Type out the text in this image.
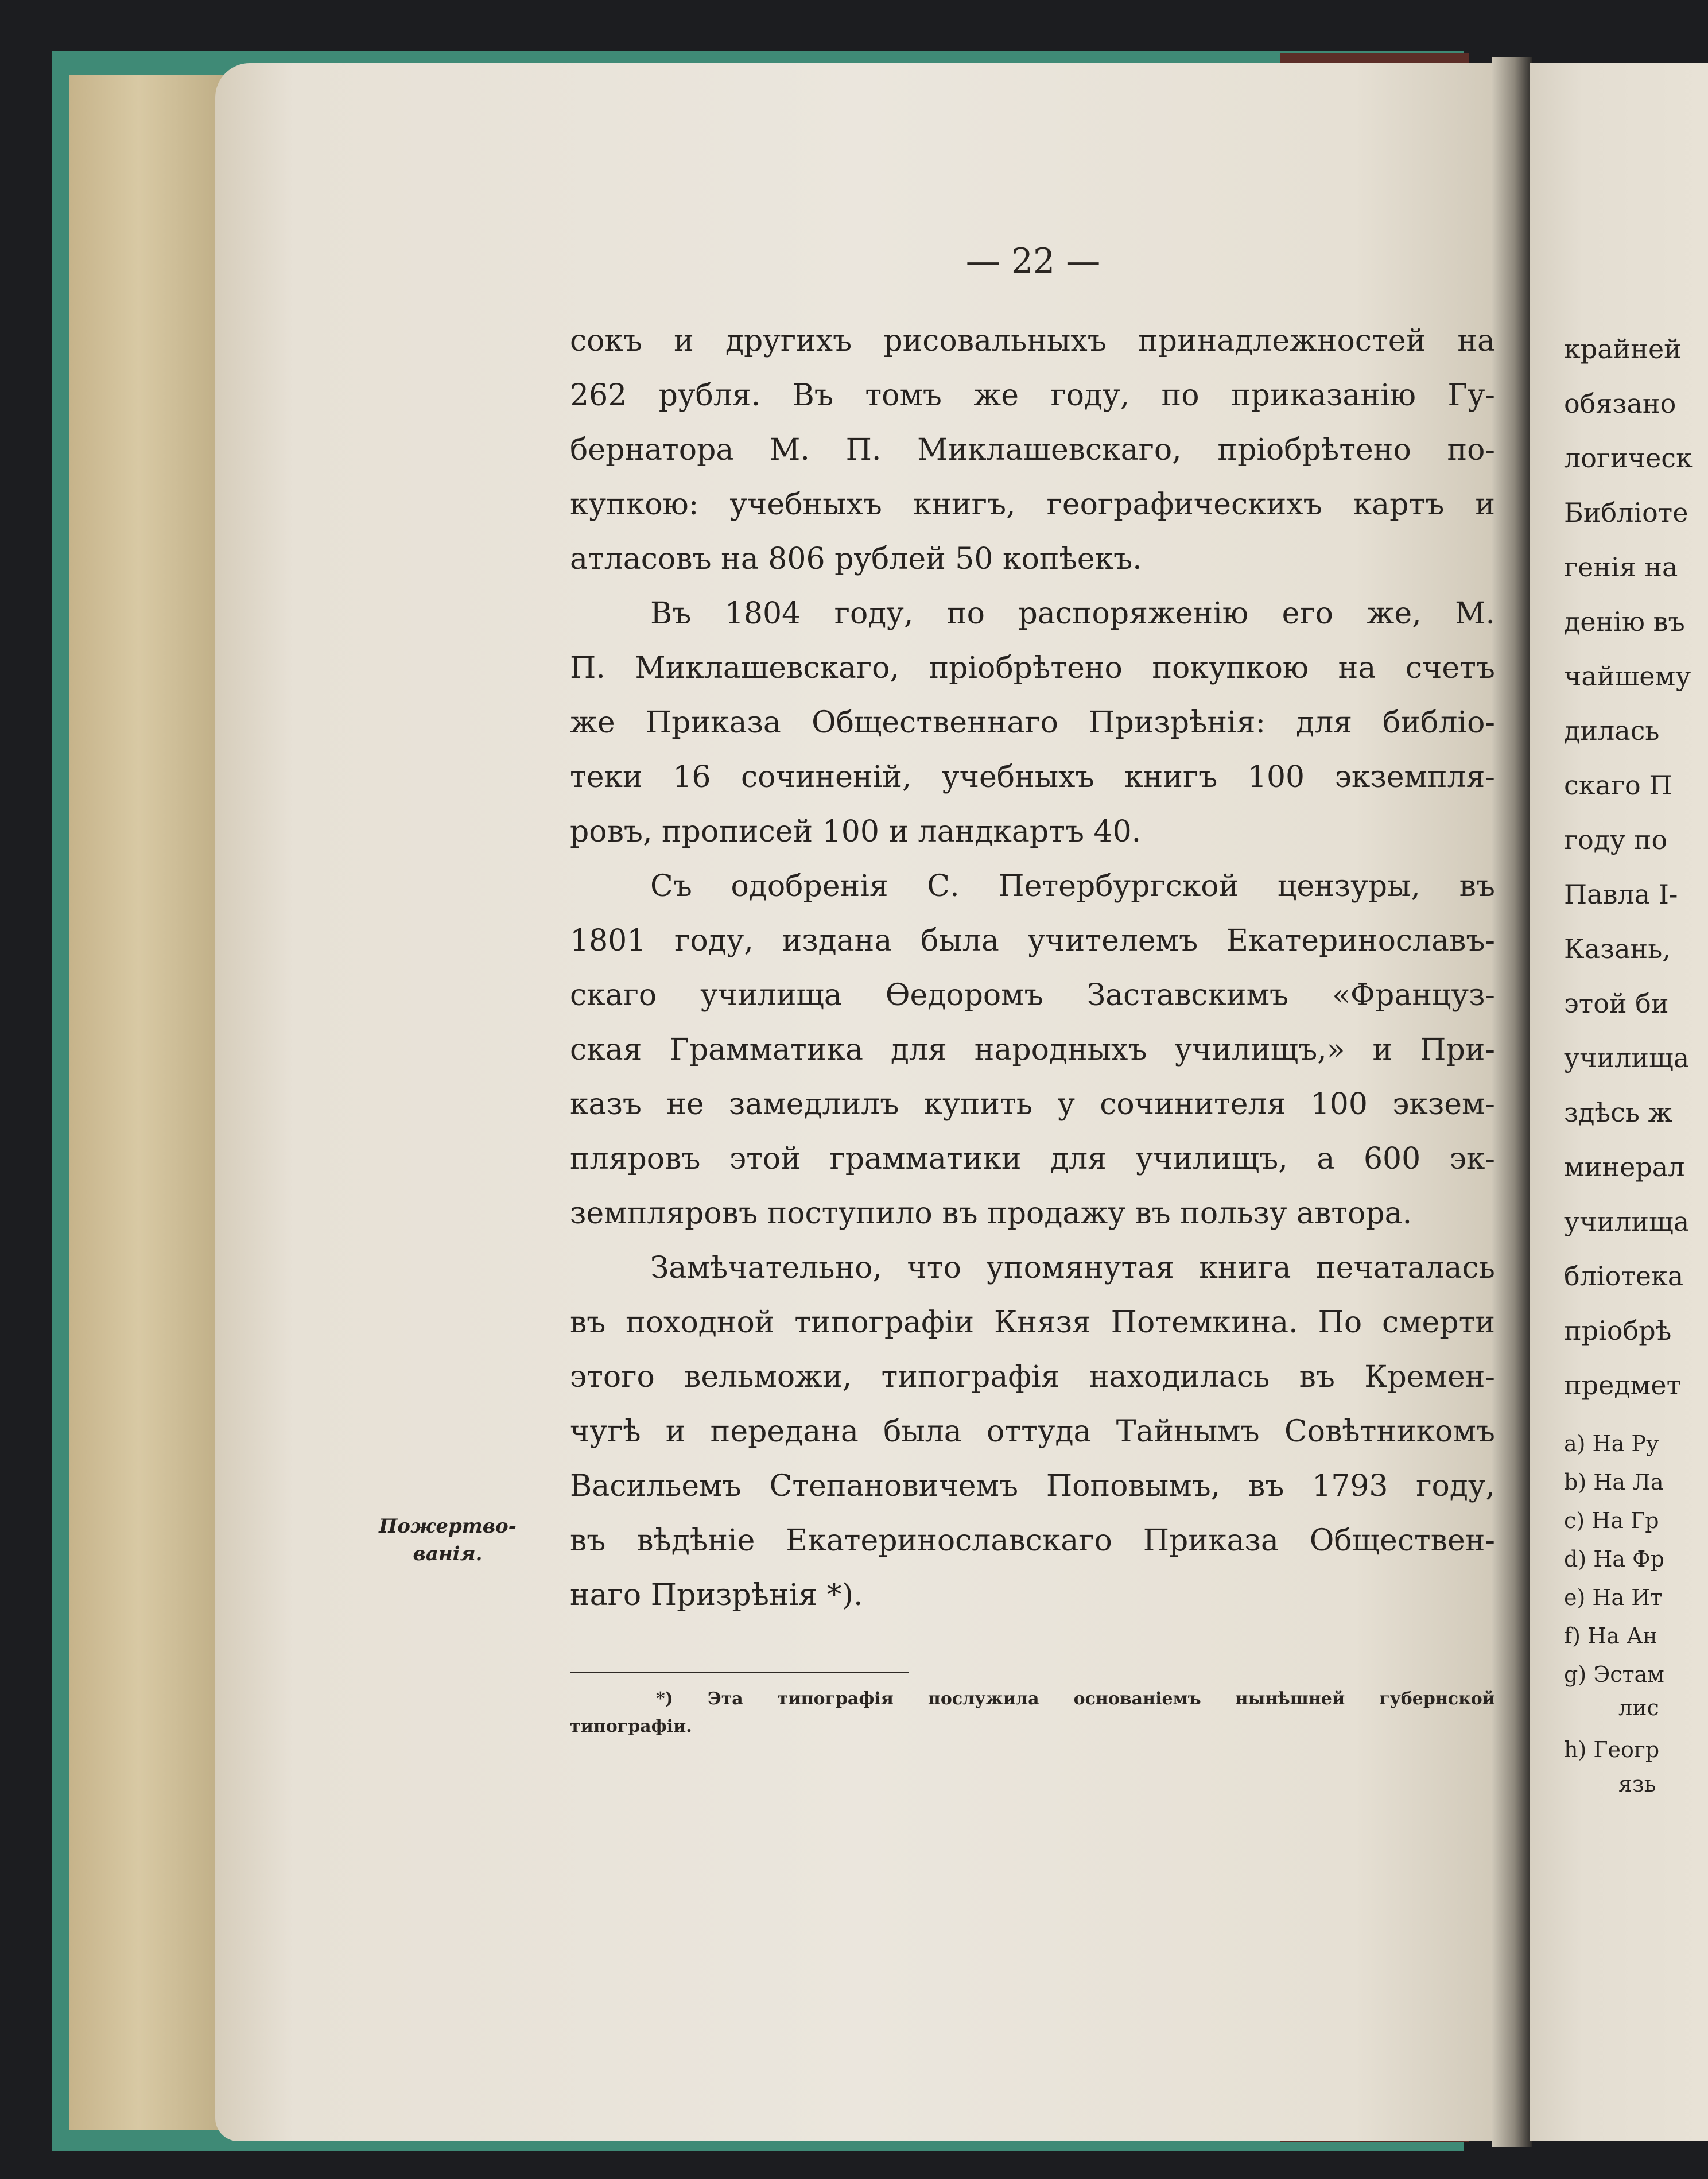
— 22 —

сокъ и другихъ рисовальныхъ принадлежностей на

262 рубля. Въ томъ же году, по приказанію Гу-

бернатора М. П. Миклашевскаго, пріобрѣтено по-

купкою: учебныхъ книгъ, географическихъ картъ и

атласовъ на 806 рублей 50 копѣекъ.

Въ 1804 году, по распоряженію его же, М.

П. Миклашевскаго, пріобрѣтено покупкою на счетъ

же Приказа Общественнаго Призрѣнія: для библіо-

теки 16 сочиненій, учебныхъ книгъ 100 экземпля-

ровъ, прописей 100 и ландкартъ 40.

Съ одобренія С. Петербургской цензуры, въ

1801 году, издана была учителемъ Екатеринославъ-

скаго училища Ѳедоромъ Заставскимъ «Француз-

ская Грамматика для народныхъ училищъ,» и При-

казъ не замедлилъ купить у сочинителя 100 экзем-

пляровъ этой грамматики для училищъ, а 600 эк-

земпляровъ поступило въ продажу въ пользу автора.

Замѣчательно, что упомянутая книга печаталась

въ походной типографіи Князя Потемкина. По смерти

этого вельможи, типографія находилась въ Кремен-

чугѣ и передана была оттуда Тайнымъ Совѣтникомъ

Васильемъ Степановичемъ Поповымъ, въ 1793 году,

въ вѣдѣніе Екатеринославскаго Приказа Обществен-

наго Призрѣнія *).

Пожертво-

ванія.

*) Эта типографія послужила основаніемъ нынѣшней губернской

типографіи.

крайней

обязано

логическ

Библіоте

генія на

денію въ

чайшему

дилась

скаго П

году по

Павла I-

Казань,

этой би

училища

здѣсь ж

минерал

училища

бліотека

пріобрѣ

предмет

a) На Ру

b) На Ла

c) На Гр

d) На Фр

e) На Ит

f) На Ан

g) Эстам

лис

h) Геогр

язь
